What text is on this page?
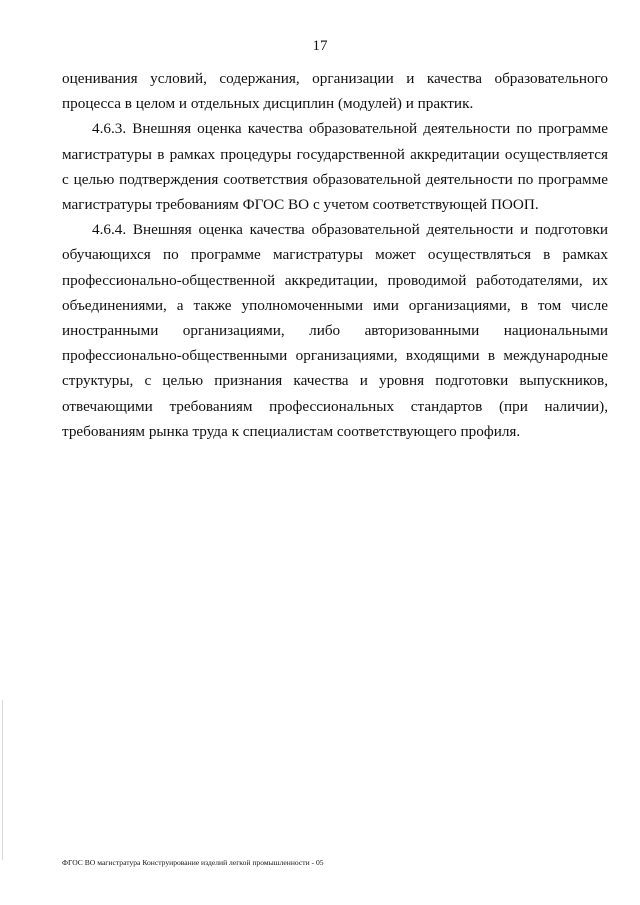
17

оценивания условий, содержания, организации и качества образовательного процесса в целом и отдельных дисциплин (модулей) и практик.

4.6.3. Внешняя оценка качества образовательной деятельности по программе магистратуры в рамках процедуры государственной аккредитации осуществляется с целью подтверждения соответствия образовательной деятельности по программе магистратуры требованиям ФГОС ВО с учетом соответствующей ПООП.

4.6.4. Внешняя оценка качества образовательной деятельности и подготовки обучающихся по программе магистратуры может осуществляться в рамках профессионально-общественной аккредитации, проводимой работодателями, их объединениями, а также уполномоченными ими организациями, в том числе иностранными организациями, либо авторизованными национальными профессионально-общественными организациями, входящими в международные структуры, с целью признания качества и уровня подготовки выпускников, отвечающими требованиям профессиональных стандартов (при наличии), требованиям рынка труда к специалистам соответствующего профиля.

ФГОС ВО магистратура Конструирование изделий легкой промышленности - 05
